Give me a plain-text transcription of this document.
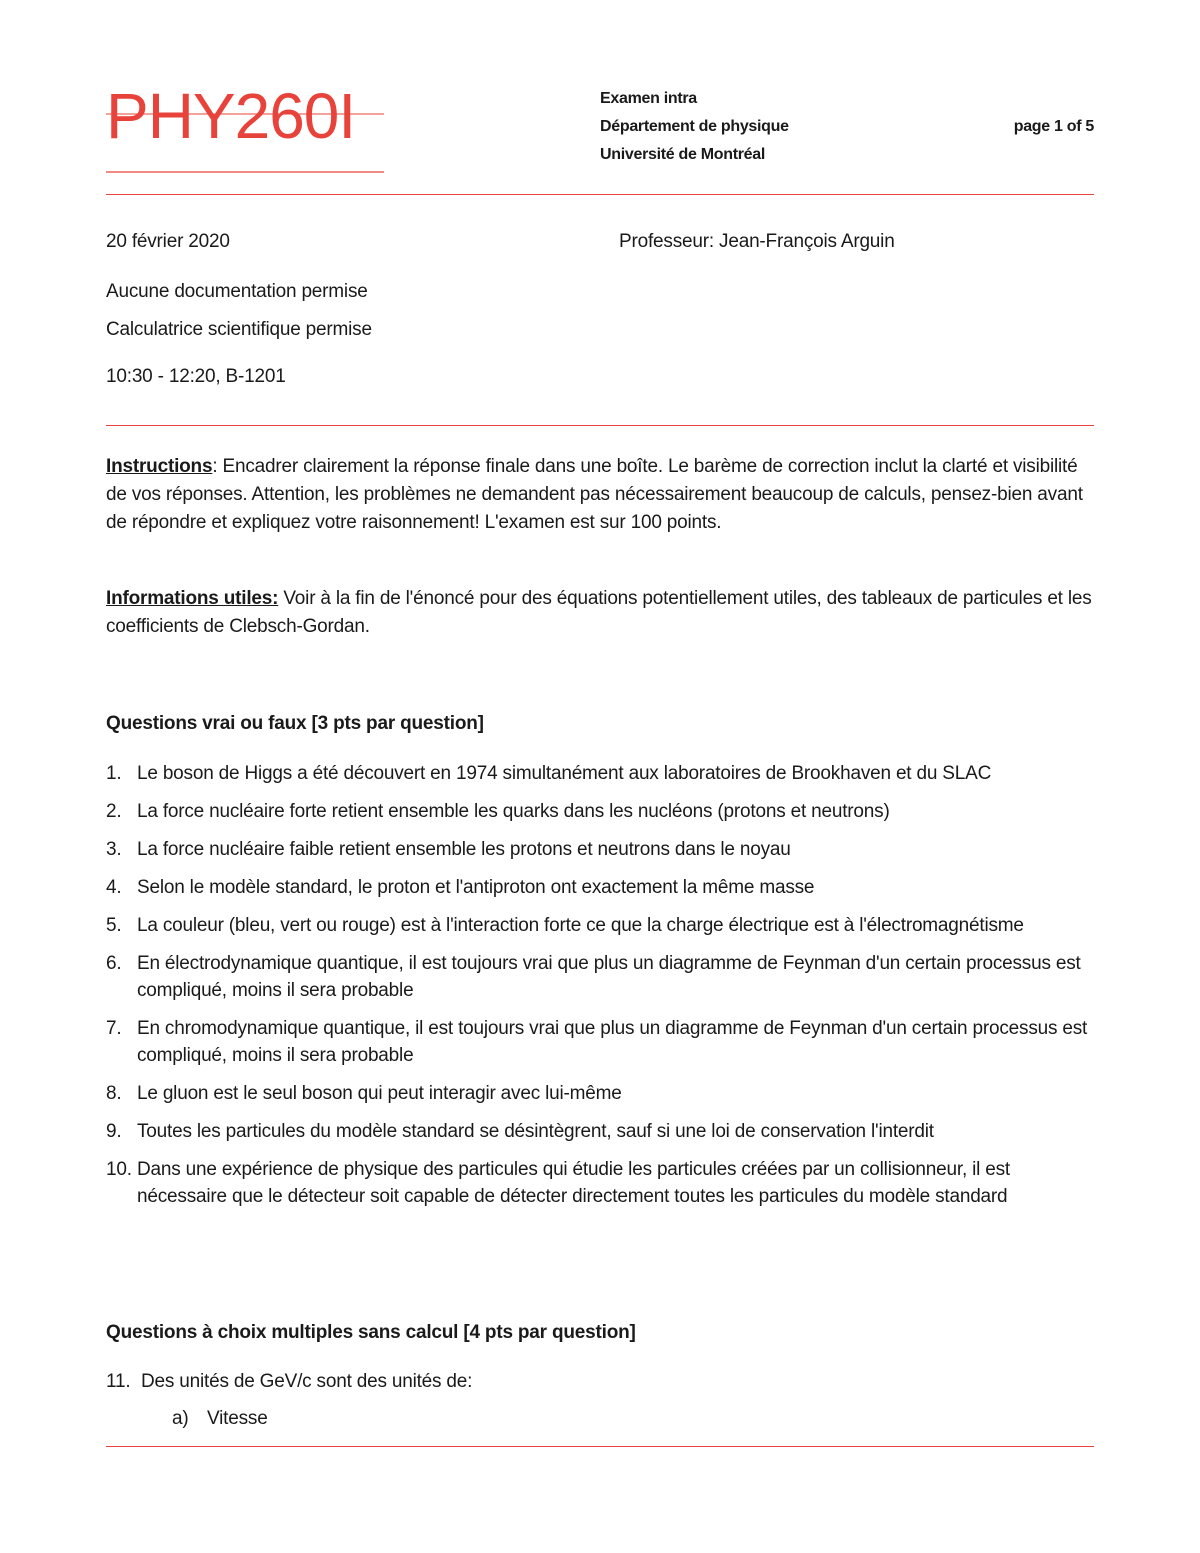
PHY260I	Examen intra
Département de physique	page 1 of 5
Université de Montréal
20 février 2020	Professeur: Jean-François Arguin
Aucune documentation permise
Calculatrice scientifique permise
10:30 - 12:20, B-1201

Instructions: Encadrer clairement la réponse finale dans une boîte. Le barème de correction inclut la clarté et visibilité de vos réponses. Attention, les problèmes ne demandent pas nécessairement beaucoup de calculs, pensez-bien avant de répondre et expliquez votre raisonnement! L'examen est sur 100 points.

Informations utiles: Voir à la fin de l'énoncé pour des équations potentiellement utiles, des tableaux de particules et les coefficients de Clebsch-Gordan.

Questions vrai ou faux [3 pts par question]
1. Le boson de Higgs a été découvert en 1974 simultanément aux laboratoires de Brookhaven et du SLAC
2. La force nucléaire forte retient ensemble les quarks dans les nucléons (protons et neutrons)
3. La force nucléaire faible retient ensemble les protons et neutrons dans le noyau
4. Selon le modèle standard, le proton et l'antiproton ont exactement la même masse
5. La couleur (bleu, vert ou rouge) est à l'interaction forte ce que la charge électrique est à l'électromagnétisme
6. En électrodynamique quantique, il est toujours vrai que plus un diagramme de Feynman d'un certain processus est compliqué, moins il sera probable
7. En chromodynamique quantique, il est toujours vrai que plus un diagramme de Feynman d'un certain processus est compliqué, moins il sera probable
8. Le gluon est le seul boson qui peut interagir avec lui-même
9. Toutes les particules du modèle standard se désintègrent, sauf si une loi de conservation l'interdit
10. Dans une expérience de physique des particules qui étudie les particules créées par un collisionneur, il est nécessaire que le détecteur soit capable de détecter directement toutes les particules du modèle standard
Questions à choix multiples sans calcul [4 pts par question]
11. Des unités de GeV/c sont des unités de:
a) Vitesse
